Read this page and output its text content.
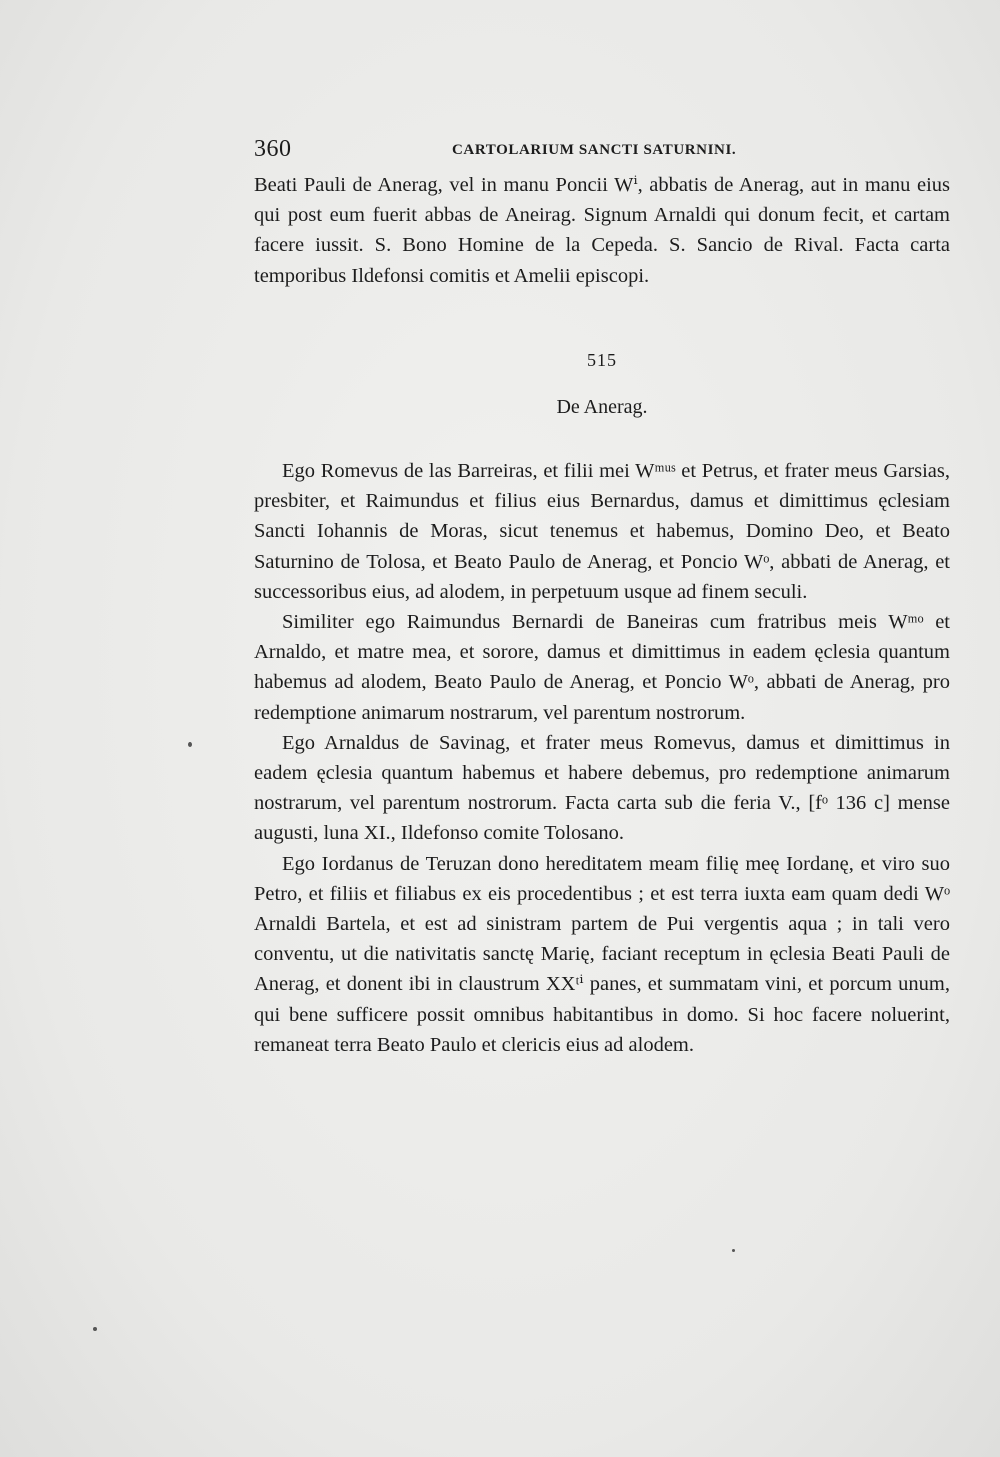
360	CARTOLARIUM SANCTI SATURNINI.

Beati Pauli de Anerag, vel in manu Poncii Wⁱ, abbatis de Anerag, aut in manu eius qui post eum fuerit abbas de Aneirag. Signum Arnaldi qui donum fecit, et cartam facere iussit. S. Bono Homine de la Cepeda. S. Sancio de Rival. Facta carta temporibus Ildefonsi comitis et Amelii episcopi.

515
De Anerag.

Ego Romevus de las Barreiras, et filii mei Wᵐᵘˢ et Petrus, et frater meus Garsias, presbiter, et Raimundus et filius eius Bernardus, damus et dimittimus ęclesiam Sancti Iohannis de Moras, sicut tenemus et habemus, Domino Deo, et Beato Saturnino de Tolosa, et Beato Paulo de Anerag, et Poncio Wᵒ, abbati de Anerag, et successoribus eius, ad alodem, in perpetuum usque ad finem seculi.

Similiter ego Raimundus Bernardi de Baneiras cum fratribus meis Wᵐᵒ et Arnaldo, et matre mea, et sorore, damus et dimittimus in eadem ęclesia quantum habemus ad alodem, Beato Paulo de Anerag, et Poncio Wᵒ, abbati de Anerag, pro redemptione animarum nostrarum, vel parentum nostrorum.

Ego Arnaldus de Savinag, et frater meus Romevus, damus et dimittimus in eadem ęclesia quantum habemus et habere debemus, pro redemptione animarum nostrarum, vel parentum nostrorum. Facta carta sub die feria V., [fᵒ 136 c] mense augusti, luna XI., Ildefonso comite Tolosano.

Ego Iordanus de Teruzan dono hereditatem meam filię meę Iordanę, et viro suo Petro, et filiis et filiabus ex eis procedentibus ; et est terra iuxta eam quam dedi Wᵒ Arnaldi Bartela, et est ad sinistram partem de Pui vergentis aqua ; in tali vero conventu, ut die nativitatis sanctę Marię, faciant receptum in ęclesia Beati Pauli de Anerag, et donent ibi in claustrum XXᵗⁱ panes, et summatam vini, et porcum unum, qui bene sufficere possit omnibus habitantibus in domo. Si hoc facere noluerint, remaneat terra Beato Paulo et clericis eius ad alodem.
